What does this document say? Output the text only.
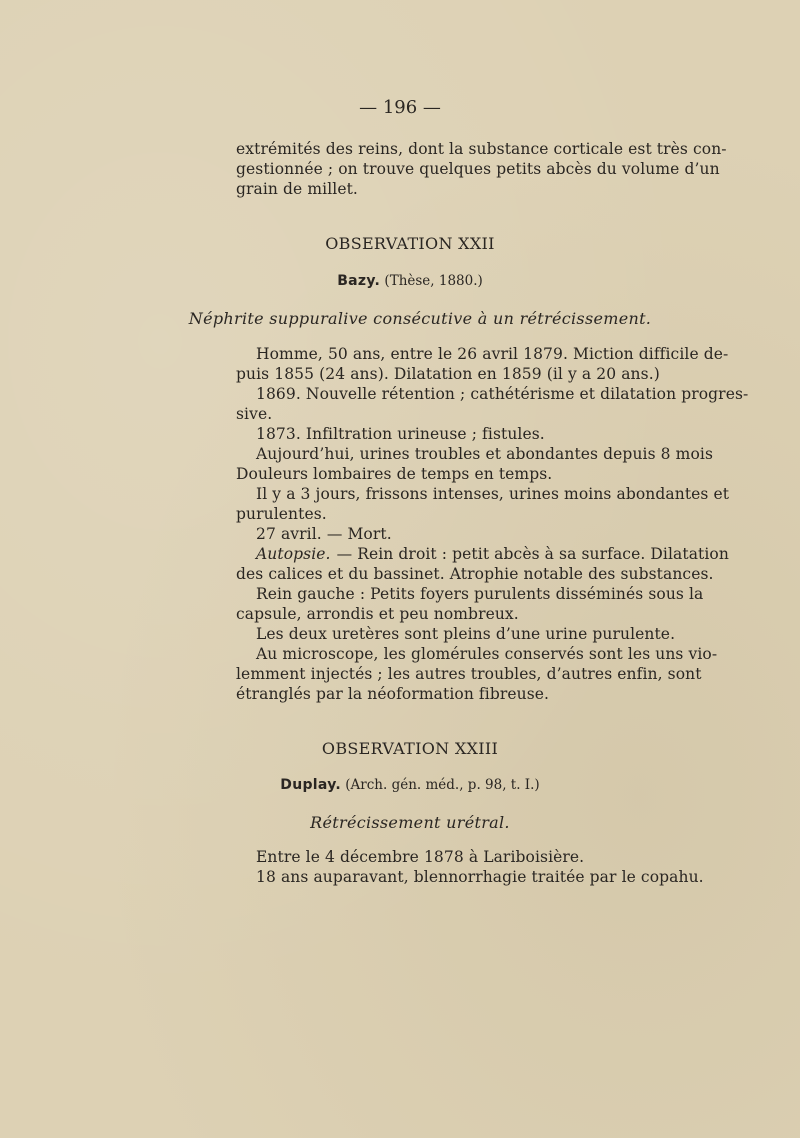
— 196 —
extrémités des reins, dont la substance corticale est très con-
gestionnée ; on trouve quelques petits abcès du volume d’un
grain de millet.
OBSERVATION XXII
Bazy. (Thèse, 1880.)
Néphrite suppuralive consécutive à un rétrécissement.
Homme, 50 ans, entre le 26 avril 1879. Miction difficile de-
puis 1855 (24 ans). Dilatation en 1859 (il y a 20 ans.)
1869. Nouvelle rétention ; cathétérisme et dilatation progres-
sive.
1873. Infiltration urineuse ; fistules.
Aujourd’hui, urines troubles et abondantes depuis 8 mois
Douleurs lombaires de temps en temps.
Il y a 3 jours, frissons intenses, urines moins abondantes et
purulentes.
27 avril. — Mort.
Autopsie. — Rein droit : petit abcès à sa surface. Dilatation
des calices et du bassinet. Atrophie notable des substances.
Rein gauche : Petits foyers purulents disséminés sous la
capsule, arrondis et peu nombreux.
Les deux uretères sont pleins d’une urine purulente.
Au microscope, les glomérules conservés sont les uns vio-
lemment injectés ; les autres troubles, d’autres enfin, sont
étranglés par la néoformation fibreuse.
OBSERVATION XXIII
Duplay. (Arch. gén. méd., p. 98, t. I.)
Rétrécissement urétral.
Entre le 4 décembre 1878 à Lariboisière.
18 ans auparavant, blennorrhagie traitée par le copahu.
